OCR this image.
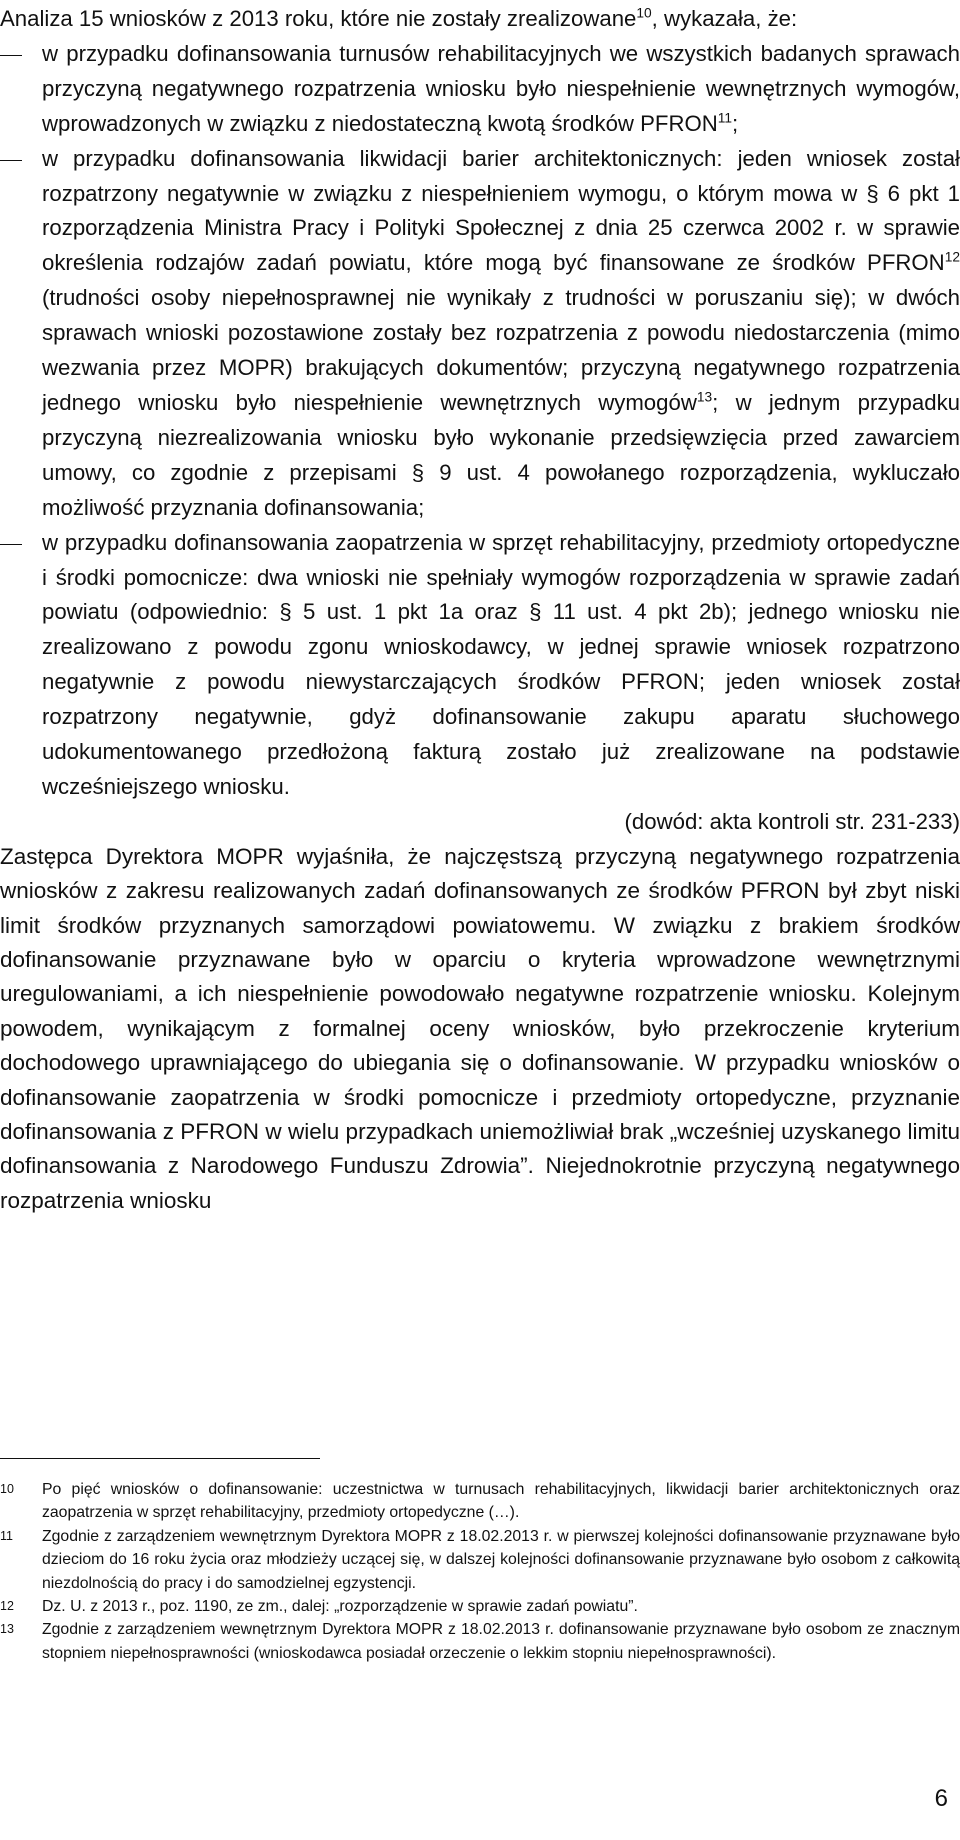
Analiza 15 wniosków z 2013 roku, które nie zostały zrealizowane$^{10}$, wykazała, że:

w przypadku dofinansowania turnusów rehabilitacyjnych we wszystkich badanych sprawach przyczyną negatywnego rozpatrzenia wniosku było niespełnienie wewnętrznych wymogów, wprowadzonych w związku z niedostateczną kwotą środków PFRON$^{11}$;
w przypadku dofinansowania likwidacji barier architektonicznych: jeden wniosek został rozpatrzony negatywnie w związku z niespełnieniem wymogu, o którym mowa w § 6 pkt 1 rozporządzenia Ministra Pracy i Polityki Społecznej z dnia 25 czerwca 2002 r. w sprawie określenia rodzajów zadań powiatu, które mogą być finansowane ze środków PFRON$^{12}$ (trudności osoby niepełnosprawnej nie wynikały z trudności w poruszaniu się); w dwóch sprawach wnioski pozostawione zostały bez rozpatrzenia z powodu niedostarczenia (mimo wezwania przez MOPR) brakujących dokumentów; przyczyną negatywnego rozpatrzenia jednego wniosku było niespełnienie wewnętrznych wymogów$^{13}$; w jednym przypadku przyczyną niezrealizowania wniosku było wykonanie przedsięwzięcia przed zawarciem umowy, co zgodnie z przepisami § 9 ust. 4 powołanego rozporządzenia, wykluczało możliwość przyznania dofinansowania;
w przypadku dofinansowania zaopatrzenia w sprzęt rehabilitacyjny, przedmioty ortopedyczne i środki pomocnicze: dwa wnioski nie spełniały wymogów rozporządzenia w sprawie zadań powiatu (odpowiednio: § 5 ust. 1 pkt 1a oraz § 11 ust. 4 pkt 2b); jednego wniosku nie zrealizowano z powodu zgonu wnioskodawcy, w jednej sprawie wniosek rozpatrzono negatywnie z powodu niewystarczających środków PFRON; jeden wniosek został rozpatrzony negatywnie, gdyż dofinansowanie zakupu aparatu słuchowego udokumentowanego przedłożoną fakturą zostało już zrealizowane na podstawie wcześniejszego wniosku.

(dowód: akta kontroli str. 231-233)

Zastępca Dyrektora MOPR wyjaśniła, że najczęstszą przyczyną negatywnego rozpatrzenia wniosków z zakresu realizowanych zadań dofinansowanych ze środków PFRON był zbyt niski limit środków przyznanych samorządowi powiatowemu. W związku z brakiem środków dofinansowanie przyznawane było w oparciu o kryteria wprowadzone wewnętrznymi uregulowaniami, a ich niespełnienie powodowało negatywne rozpatrzenie wniosku. Kolejnym powodem, wynikającym z formalnej oceny wniosków, było przekroczenie kryterium dochodowego uprawniającego do ubiegania się o dofinansowanie. W przypadku wniosków o dofinansowanie zaopatrzenia w środki pomocnicze i przedmioty ortopedyczne, przyznanie dofinansowania z PFRON w wielu przypadkach uniemożliwiał brak „wcześniej uzyskanego limitu dofinansowania z Narodowego Funduszu Zdrowia”. Niejednokrotnie przyczyną negatywnego rozpatrzenia wniosku

10 Po pięć wniosków o dofinansowanie: uczestnictwa w turnusach rehabilitacyjnych, likwidacji barier architektonicznych oraz zaopatrzenia w sprzęt rehabilitacyjny, przedmioty ortopedyczne (…).
11 Zgodnie z zarządzeniem wewnętrznym Dyrektora MOPR z 18.02.2013 r. w pierwszej kolejności dofinansowanie przyznawane było dzieciom do 16 roku życia oraz młodzieży uczącej się, w dalszej kolejności dofinansowanie przyznawane było osobom z całkowitą niezdolnością do pracy i do samodzielnej egzystencji.
12 Dz. U. z 2013 r., poz. 1190, ze zm., dalej: „rozporządzenie w sprawie zadań powiatu”.
13 Zgodnie z zarządzeniem wewnętrznym Dyrektora MOPR z 18.02.2013 r. dofinansowanie przyznawane było osobom ze znacznym stopniem niepełnosprawności (wnioskodawca posiadał orzeczenie o lekkim stopniu niepełnosprawności).
6
